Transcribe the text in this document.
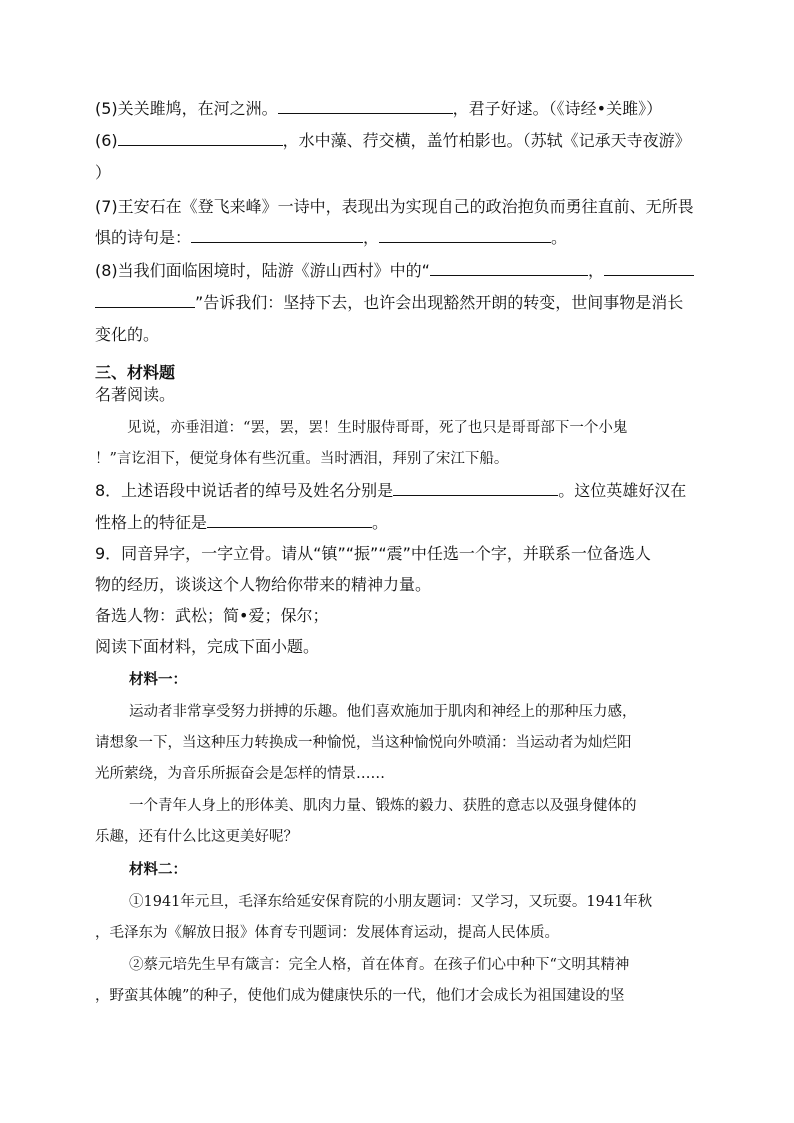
(5)关关雎鸠，在河之洲。	，君子好逑。（《诗经•关雎》）
(6)	，水中藻、荇交横，盖竹柏影也。（苏轼《记承天寺夜游》
）
(7)王安石在《登飞来峰》一诗中，表现出为实现自己的政治抱负而勇往直前、无所畏
惧的诗句是：	，	。
(8)当我们面临困境时，陆游《游山西村》中的“	，
”告诉我们：坚持下去，也许会出现豁然开朗的转变，世间事物是消长
变化的。
三、材料题
名著阅读。
见说，亦垂泪道：“罢，罢，罢！生时服侍哥哥，死了也只是哥哥部下一个小鬼
！”言讫泪下，便觉身体有些沉重。当时洒泪，拜别了宋江下船。
8．上述语段中说话者的绰号及姓名分别是	。这位英雄好汉在
性格上的特征是	。
9．同音异字，一字立骨。请从“镇”“振”“震”中任选一个字，并联系一位备选人
物的经历，谈谈这个人物给你带来的精神力量。
备选人物：武松；简•爱；保尔；
阅读下面材料，完成下面小题。
材料一：
运动者非常享受努力拼搏的乐趣。他们喜欢施加于肌肉和神经上的那种压力感，
请想象一下，当这种压力转换成一种愉悦，当这种愉悦向外喷涌：当运动者为灿烂阳
光所萦绕，为音乐所振奋会是怎样的情景……
一个青年人身上的形体美、肌肉力量、锻炼的毅力、获胜的意志以及强身健体的
乐趣，还有什么比这更美好呢？
材料二：
①1941年元旦，毛泽东给延安保育院的小朋友题词：又学习，又玩耍。1941年秋
，毛泽东为《解放日报》体育专刊题词：发展体育运动，提高人民体质。
②蔡元培先生早有箴言：完全人格，首在体育。在孩子们心中种下“文明其精神
，野蛮其体魄”的种子，使他们成为健康快乐的一代，他们才会成长为祖国建设的坚
